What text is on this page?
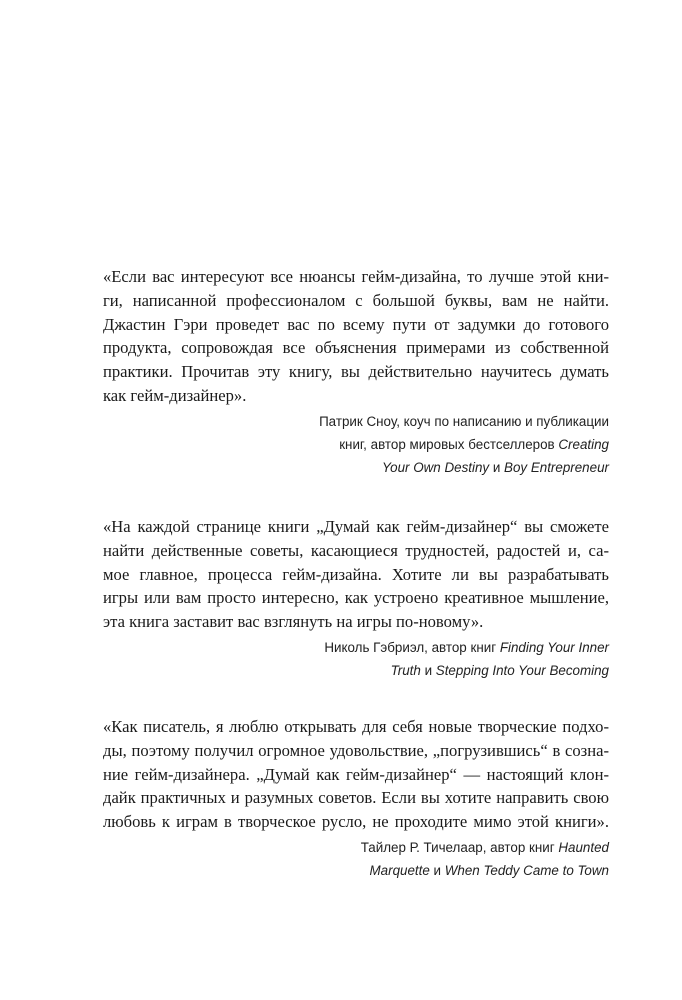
«Если вас интересуют все нюансы гейм-дизайна, то лучше этой кни-
ги, написанной профессионалом с большой буквы, вам не найти.
Джастин Гэри проведет вас по всему пути от задумки до готового
продукта, сопровождая все объяснения примерами из собственной
практики. Прочитав эту книгу, вы действительно научитесь думать
как гейм-дизайнер».

Патрик Сноу, коуч по написанию и публикации
книг, автор мировых бестселлеров Creating
Your Own Destiny и Boy Entrepreneur

«На каждой странице книги „Думай как гейм-дизайнер“ вы сможете
найти действенные советы, касающиеся трудностей, радостей и, са-
мое главное, процесса гейм-дизайна. Хотите ли вы разрабатывать
игры или вам просто интересно, как устроено креативное мышление,
эта книга заставит вас взглянуть на игры по-новому».

Николь Гэбриэл, автор книг Finding Your Inner
Truth и Stepping Into Your Becoming

«Как писатель, я люблю открывать для себя новые творческие подхо-
ды, поэтому получил огромное удовольствие, „погрузившись“ в созна-
ние гейм-дизайнера. „Думай как гейм-дизайнер“ — настоящий клон-
дайк практичных и разумных советов. Если вы хотите направить свою
любовь к играм в творческое русло, не проходите мимо этой книги».

Тайлер Р. Тичелаар, автор книг Haunted
Marquette и When Teddy Came to Town
